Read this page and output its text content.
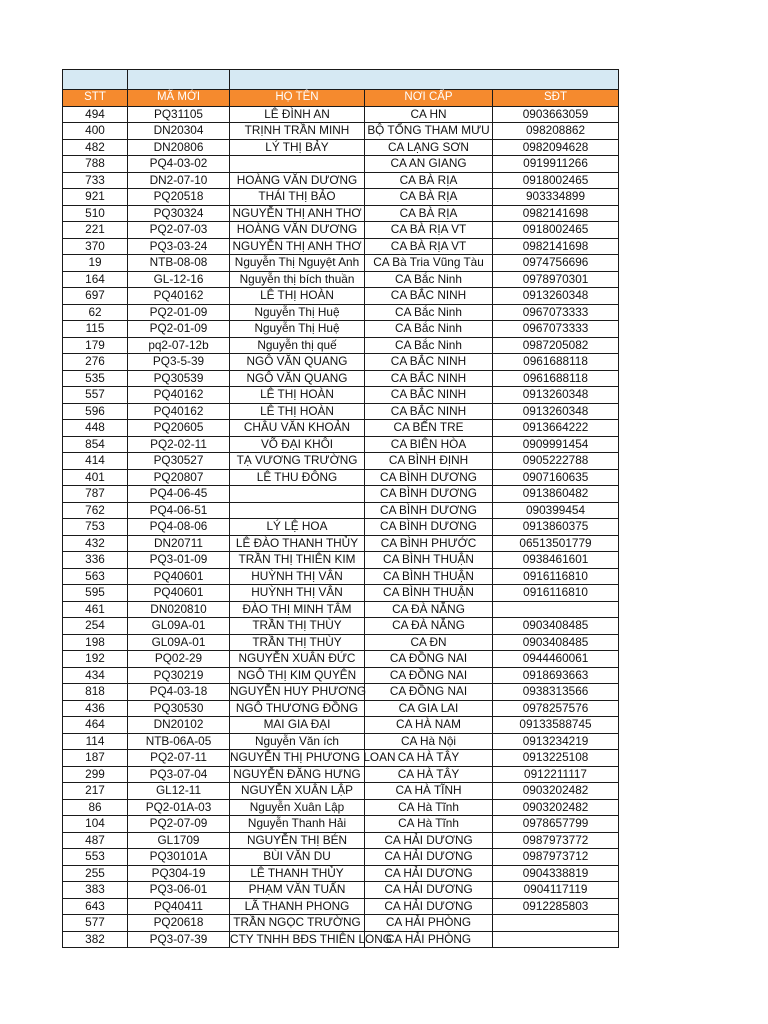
STT	MÃ MỚI	HỌ TÊN	NƠI CẤP	SĐT
494	PQ31105	LÊ ĐÌNH AN	CA HN	0903663059
400	DN20304	TRỊNH TRẦN MINH	BỘ TỔNG THAM MƯU	098208862
482	DN20806	LÝ THỊ BẢY	CA LẠNG SƠN	0982094628
788	PQ4-03-02		CA AN GIANG	0919911266
733	DN2-07-10	HOÀNG VĂN DƯƠNG	CA BÀ RỊA	0918002465
921	PQ20518	THÁI THỊ BẢO	CA BÀ RỊA	903334899
510	PQ30324	NGUYỄN THỊ ANH THƠ	CA BÀ RỊA	0982141698
221	PQ2-07-03	HOÀNG VĂN DƯƠNG	CA BÀ RỊA VT	0918002465
370	PQ3-03-24	NGUYỄN THỊ ANH THƠ	CA BÀ RỊA VT	0982141698
19	NTB-08-08	Nguyễn Thị Nguyệt Anh	CA Bà Tria Vũng Tàu	0974756696
164	GL-12-16	Nguyễn thị bích thuần	CA Bắc Ninh	0978970301
697	PQ40162	LÊ THỊ HOÀN	CA BẮC NINH	0913260348
62	PQ2-01-09	Nguyễn Thị Huệ	CA Bắc Ninh	0967073333
115	PQ2-01-09	Nguyễn Thị Huệ	CA Bắc Ninh	0967073333
179	pq2-07-12b	Nguyễn thị quế	CA Bắc Ninh	0987205082
276	PQ3-5-39	NGÔ VĂN QUANG	CA BẮC NINH	0961688118
535	PQ30539	NGÔ VĂN QUANG	CA BẮC NINH	0961688118
557	PQ40162	LÊ THỊ HOÀN	CA BẮC NINH	0913260348
596	PQ40162	LÊ THỊ HOÀN	CA BẮC NINH	0913260348
448	PQ20605	CHÂU VĂN KHOẢN	CA BẾN TRE	0913664222
854	PQ2-02-11	VÕ ĐẠI KHÔI	CA BIÊN HÒA	0909991454
414	PQ30527	TẠ VƯƠNG TRƯỜNG	CA BÌNH ĐỊNH	0905222788
401	PQ20807	LÊ THU ĐÔNG	CA BÌNH DƯƠNG	0907160635
787	PQ4-06-45		CA BÌNH DƯƠNG	0913860482
762	PQ4-06-51		CA BÌNH DƯƠNG	090399454
753	PQ4-08-06	LÝ LỆ HOA	CA BÌNH DƯƠNG	0913860375
432	DN20711	LÊ ĐÀO THANH THỦY	CA BÌNH PHƯỚC	06513501779
336	PQ3-01-09	TRẦN THỊ THIÊN KIM	CA BÌNH THUẬN	0938461601
563	PQ40601	HUỲNH THỊ VÂN	CA BÌNH THUẬN	0916116810
595	PQ40601	HUỲNH THỊ VÂN	CA BÌNH THUẬN	0916116810
461	DN020810	ĐÀO THỊ MINH TÂM	CA ĐÀ NẴNG	
254	GL09A-01	TRẦN THỊ THÙY	CA ĐÀ NẴNG	0903408485
198	GL09A-01	TRẦN THỊ THÙY	CA ĐN	0903408485
192	PQ02-29	NGUYỄN XUÂN ĐỨC	CA ĐỒNG NAI	0944460061
434	PQ30219	NGÔ THỊ KIM QUYÊN	CA ĐỒNG NAI	0918693663
818	PQ4-03-18	NGUYỄN HUY PHƯƠNG	CA ĐỒNG NAI	0938313566
436	PQ30530	NGÔ THƯƠNG ĐỒNG	CA GIA LAI	0978257576
464	DN20102	MAI GIA ĐẠI	CA HÀ NAM	09133588745
114	NTB-06A-05	Nguyễn Văn ích	CA Hà Nội	0913234219
187	PQ2-07-11	NGUYỄN THỊ PHƯƠNG LOAN	CA HÀ TÂY	0913225108
299	PQ3-07-04	NGUYỄN ĐĂNG HƯNG	CA HÀ TÂY	0912211117
217	GL12-11	NGUYỄN XUÂN LẬP	CA HÀ TĨNH	0903202482
86	PQ2-01A-03	Nguyễn Xuân Lập	CA Hà Tĩnh	0903202482
104	PQ2-07-09	Nguyễn Thanh Hải	CA Hà Tĩnh	0978657799
487	GL1709	NGUYỄN THỊ BÉN	CA HẢI DƯƠNG	0987973772
553	PQ30101A	BÙI VĂN DU	CA HẢI DƯƠNG	0987973712
255	PQ304-19	LÊ THANH THỦY	CA HẢI DƯƠNG	0904338819
383	PQ3-06-01	PHẠM VĂN TUẤN	CA HẢI DƯƠNG	0904117119
643	PQ40411	LÃ THANH PHONG	CA HẢI DƯƠNG	0912285803
577	PQ20618	TRẦN NGỌC TRƯỜNG	CA HẢI PHÒNG	
382	PQ3-07-39	CTY TNHH BĐS THIÊN LONG	CA HẢI PHÒNG	
